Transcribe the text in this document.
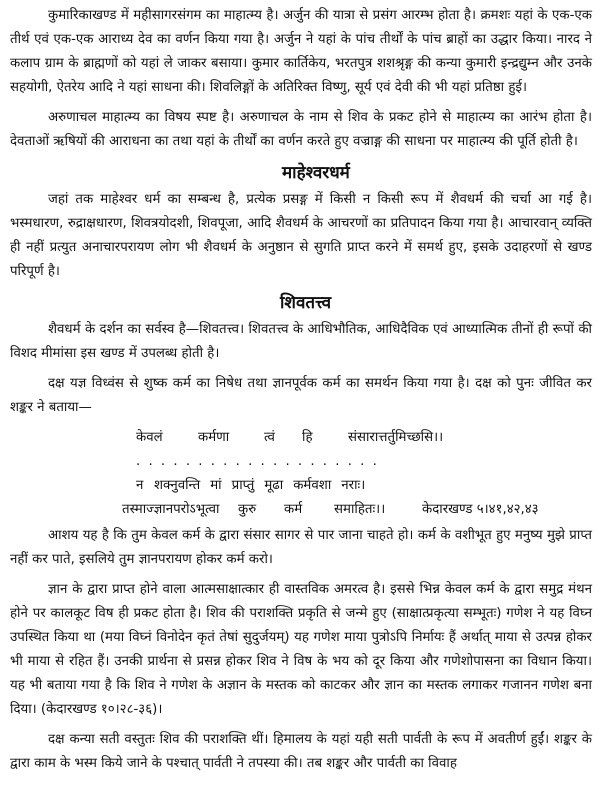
कुमारिकाखण्ड में महीसागरसंगम का माहात्म्य है। अर्जुन की यात्रा से प्रसंग आरम्भ होता है। क्रमशः यहां के एक-एक तीर्थ एवं एक-एक आराध्य देव का वर्णन किया गया है। अर्जुन ने यहां के पांच तीर्थों के पांच ब्राहों का उद्धार किया। नारद ने कलाप ग्राम के ब्राह्मणों को यहां ले जाकर बसाया। कुमार कार्तिकेय, भरतपुत्र शशश्रृङ्ग की कन्या कुमारी इन्द्रद्युम्न और उनके सहयोगी, ऐतरेय आदि ने यहां साधना की। शिवलिङ्गों के अतिरिक्त विष्णु, सूर्य एवं देवी की भी यहां प्रतिष्ठा हुई।

अरुणाचल माहात्म्य का विषय स्पष्ट है। अरुणाचल के नाम से शिव के प्रकट होने से माहात्म्य का आरंभ होता है। देवताओं ऋषियों की आराधना का तथा यहां के तीर्थों का वर्णन करते हुए वज्राङ्ग की साधना पर माहात्म्य की पूर्ति होती है।

माहेश्वरधर्म

जहां तक माहेश्वर धर्म का सम्बन्ध है, प्रत्येक प्रसङ्ग में किसी न किसी रूप में शैवधर्म की चर्चा आ गई है। भस्मधारण, रुद्राक्षधारण, शिवत्रयोदशी, शिवपूजा, आदि शैवधर्म के आचरणों का प्रतिपादन किया गया है। आचारवान् व्यक्ति ही नहीं प्रत्युत अनाचारपरायण लोग भी शैवधर्म के अनुष्ठान से सुगति प्राप्त करने में समर्थ हुए, इसके उदाहरणों से खण्ड परिपूर्ण है।

शिवतत्त्व

शैवधर्म के दर्शन का सर्वस्व है—शिवतत्त्व। शिवतत्त्व के आधिभौतिक, आधिदैविक एवं आध्यात्मिक तीनों ही रूपों की विशद मीमांसा इस खण्ड में उपलब्ध होती है।

दक्ष यज्ञ विध्वंस से शुष्क कर्म का निषेध तथा ज्ञानपूर्वक कर्म का समर्थन किया गया है। दक्ष को पुनः जीवित कर शङ्कर ने बताया—

केवलं	कर्मणा	त्वं	हि	संसारात्तर्तुमिच्छसि।।
. . . . . . . . . . . . . . . . . . . .
न शक्नुवन्ति मां प्राप्तुं मूढा कर्मवशा नराः।
तस्माज्ज्ञानपरोऽभूत्वा	कुरु	कर्म	समाहितः।।	केदारखण्ड ५।४१,४२,४३

आशय यह है कि तुम केवल कर्म के द्वारा संसार सागर से पार जाना चाहते हो। कर्म के वशीभूत हुए मनुष्य मुझे प्राप्त नहीं कर पाते, इसलिये तुम ज्ञानपरायण होकर कर्म करो।

ज्ञान के द्वारा प्राप्त होने वाला आत्मसाक्षात्कार ही वास्तविक अमरत्व है। इससे भिन्न केवल कर्म के द्वारा समुद्र मंथन होने पर कालकूट विष ही प्रकट होता है। शिव की पराशक्ति प्रकृति से जन्मे हुए (साक्षात्प्रकृत्या सम्भूतः) गणेश ने यह विघ्न उपस्थित किया था (मया विघ्नं विनोदेन कृतं तेषां सुदुर्जयम्) यह गणेश माया पुत्रोऽपि निर्मायः हैं अर्थात् माया से उत्पन्न होकर भी माया से रहित हैं। उनकी प्रार्थना से प्रसन्न होकर शिव ने विष के भय को दूर किया और गणेशोपासना का विधान किया। यह भी बताया गया है कि शिव ने गणेश के अज्ञान के मस्तक को काटकर और ज्ञान का मस्तक लगाकर गजानन गणेश बना दिया। (केदारखण्ड १०।२८-३६)।

दक्ष कन्या सती वस्तुतः शिव की पराशक्ति थीं। हिमालय के यहां यही सती पार्वती के रूप में अवतीर्ण हुईं। शङ्कर के द्वारा काम के भस्म किये जाने के पश्चात् पार्वती ने तपस्या की। तब शङ्कर और पार्वती का विवाह
